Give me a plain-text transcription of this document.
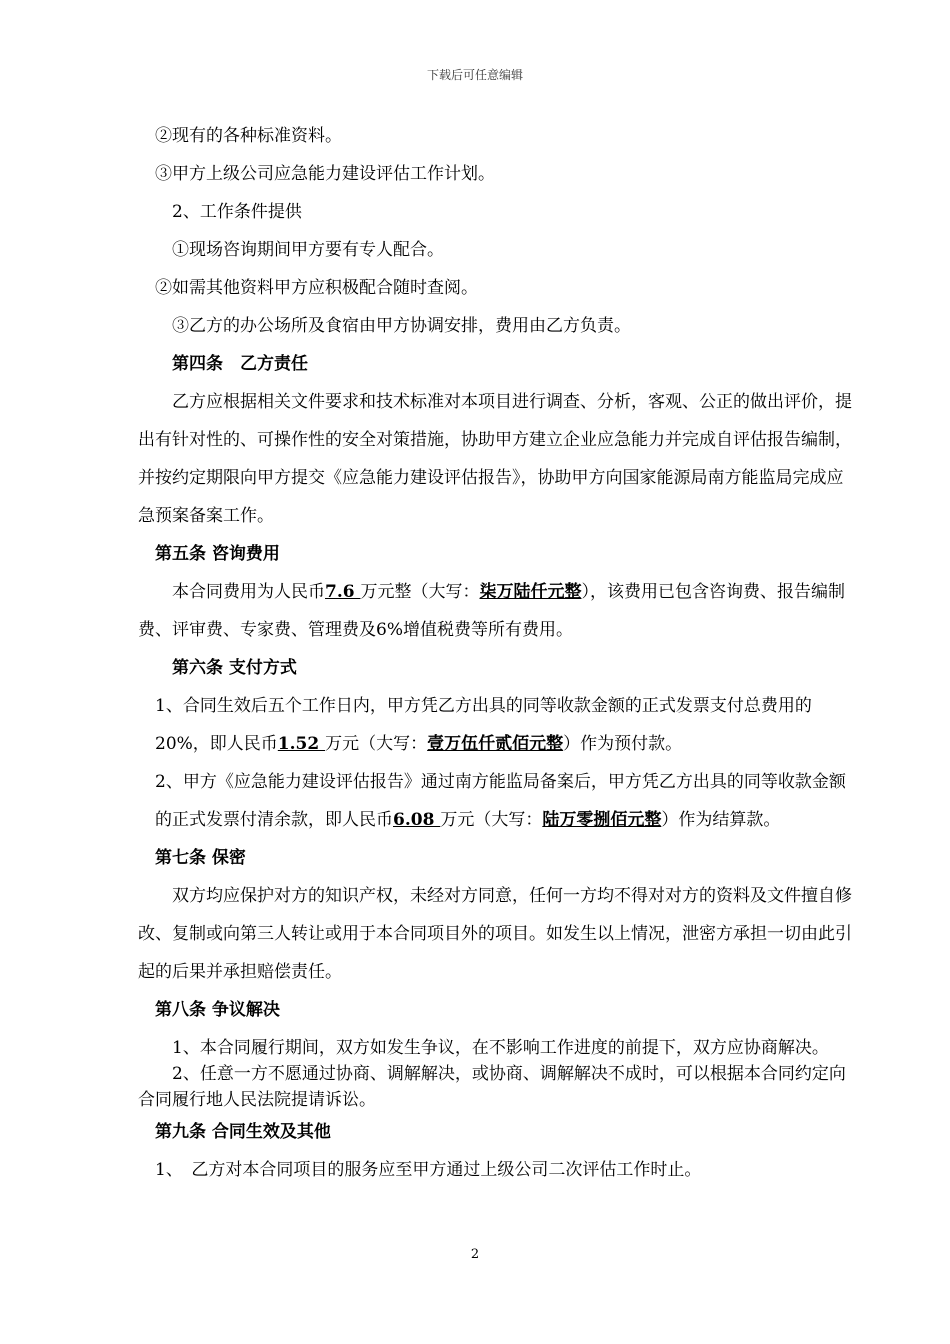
下载后可任意编辑

②现有的各种标准资料。

③甲方上级公司应急能力建设评估工作计划。

2、工作条件提供

①现场咨询期间甲方要有专人配合。

②如需其他资料甲方应积极配合随时查阅。

③乙方的办公场所及食宿由甲方协调安排，费用由乙方负责。

第四条　乙方责任

乙方应根据相关文件要求和技术标准对本项目进行调查、分析，客观、公正的做出评价，提出有针对性的、可操作性的安全对策措施，协助甲方建立企业应急能力并完成自评估报告编制，并按约定期限向甲方提交《应急能力建设评估报告》，协助甲方向国家能源局南方能监局完成应急预案备案工作。

第五条 咨询费用

本合同费用为人民币7.6 万元整（大写：柒万陆仟元整），该费用已包含咨询费、报告编制费、评审费、专家费、管理费及6%增值税费等所有费用。

第六条 支付方式

1、合同生效后五个工作日内，甲方凭乙方出具的同等收款金额的正式发票支付总费用的20%，即人民币1.52 万元（大写：壹万伍仟贰佰元整）作为预付款。

2、甲方《应急能力建设评估报告》通过南方能监局备案后，甲方凭乙方出具的同等收款金额的正式发票付清余款，即人民币6.08 万元（大写：陆万零捌佰元整）作为结算款。

第七条 保密

双方均应保护对方的知识产权，未经对方同意，任何一方均不得对对方的资料及文件擅自修改、复制或向第三人转让或用于本合同项目外的项目。如发生以上情况，泄密方承担一切由此引起的后果并承担赔偿责任。

第八条 争议解决

1、本合同履行期间，双方如发生争议，在不影响工作进度的前提下，双方应协商解决。

2、任意一方不愿通过协商、调解解决，或协商、调解解决不成时，可以根据本合同约定向合同履行地人民法院提请诉讼。

第九条 合同生效及其他

1、　乙方对本合同项目的服务应至甲方通过上级公司二次评估工作时止。

2
